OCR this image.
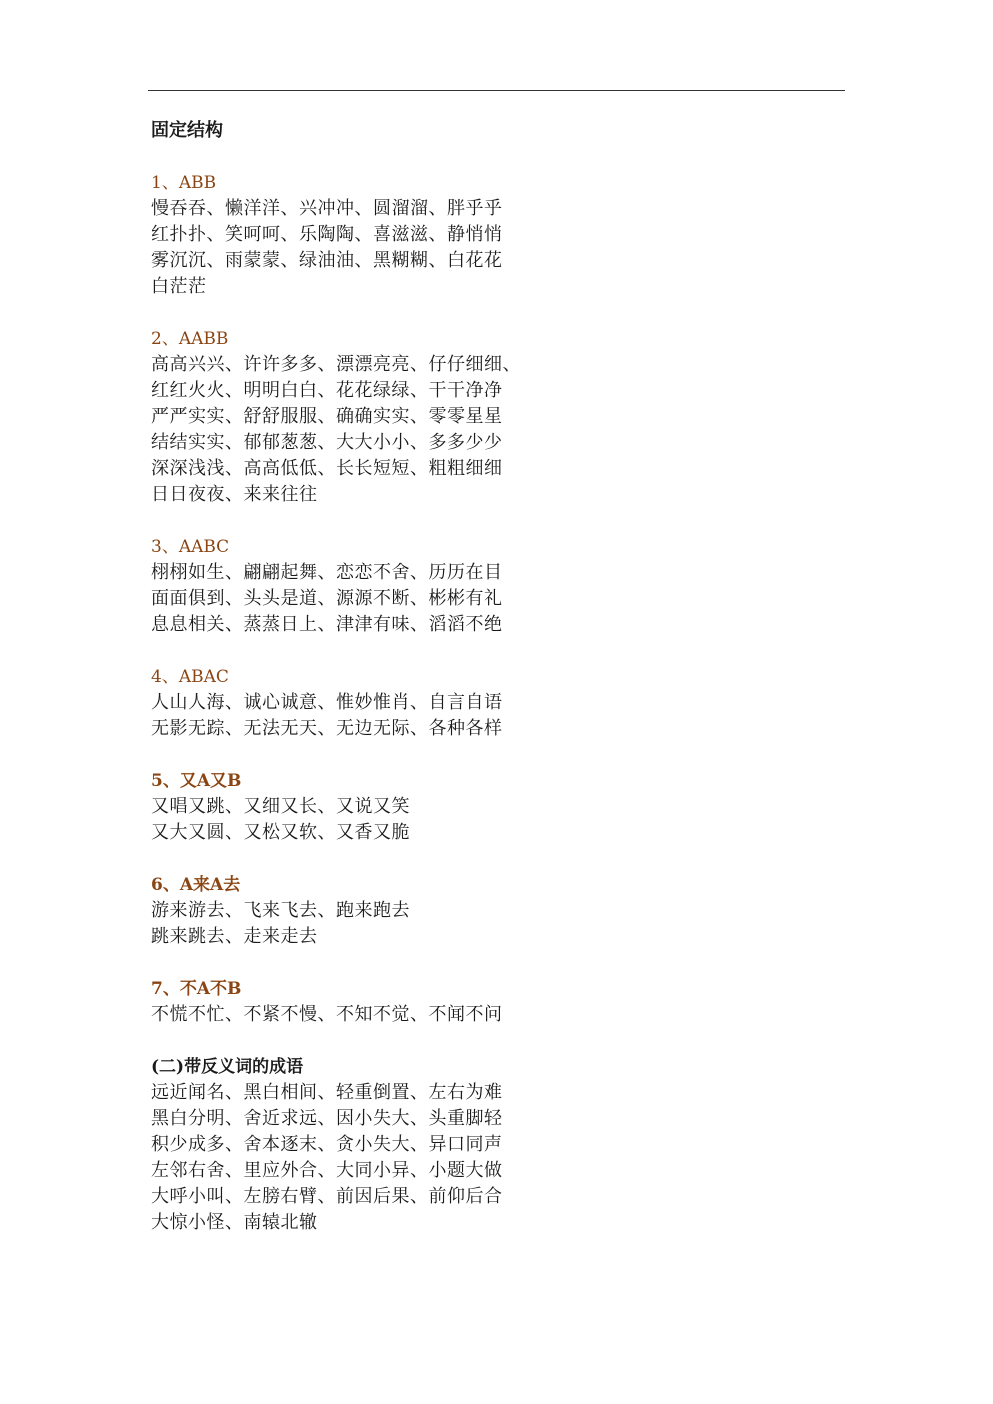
固定结构
1、ABB
慢吞吞、懒洋洋、兴冲冲、圆溜溜、胖乎乎
红扑扑、笑呵呵、乐陶陶、喜滋滋、静悄悄
雾沉沉、雨蒙蒙、绿油油、黑糊糊、白花花
白茫茫
2、AABB
高高兴兴、许许多多、漂漂亮亮、仔仔细细、
红红火火、明明白白、花花绿绿、干干净净
严严实实、舒舒服服、确确实实、零零星星
结结实实、郁郁葱葱、大大小小、多多少少
深深浅浅、高高低低、长长短短、粗粗细细
日日夜夜、来来往往
3、AABC
栩栩如生、翩翩起舞、恋恋不舍、历历在目
面面俱到、头头是道、源源不断、彬彬有礼
息息相关、蒸蒸日上、津津有味、滔滔不绝
4、ABAC
人山人海、诚心诚意、惟妙惟肖、自言自语
无影无踪、无法无天、无边无际、各种各样
5、又A又B
又唱又跳、又细又长、又说又笑
又大又圆、又松又软、又香又脆
6、A来A去
游来游去、飞来飞去、跑来跑去
跳来跳去、走来走去
7、不A不B
不慌不忙、不紧不慢、不知不觉、不闻不问
(二)带反义词的成语
远近闻名、黑白相间、轻重倒置、左右为难
黑白分明、舍近求远、因小失大、头重脚轻
积少成多、舍本逐末、贪小失大、异口同声
左邻右舍、里应外合、大同小异、小题大做
大呼小叫、左膀右臂、前因后果、前仰后合
大惊小怪、南辕北辙
